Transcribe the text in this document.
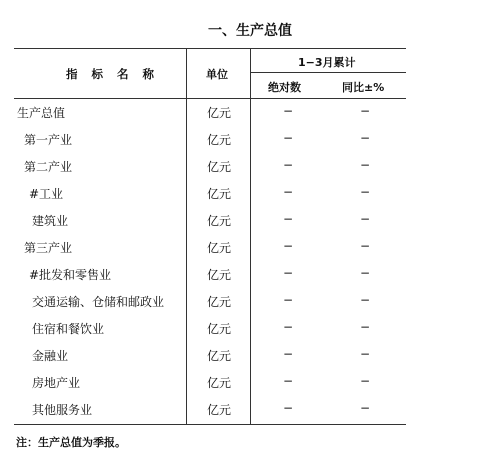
一、生产总值
指 标 名 称	单位
1−3月累计
绝对数	同比±%
生产总值	亿元	−	−
第一产业	亿元	−	−
第二产业	亿元	−	−
#工业	亿元	−	−
建筑业	亿元	−	−
第三产业	亿元	−	−
#批发和零售业	亿元	−	−
交通运输、仓储和邮政业	亿元	−	−
住宿和餐饮业	亿元	−	−
金融业	亿元	−	−
房地产业	亿元	−	−
其他服务业	亿元	−	−
注：生产总值为季报。
